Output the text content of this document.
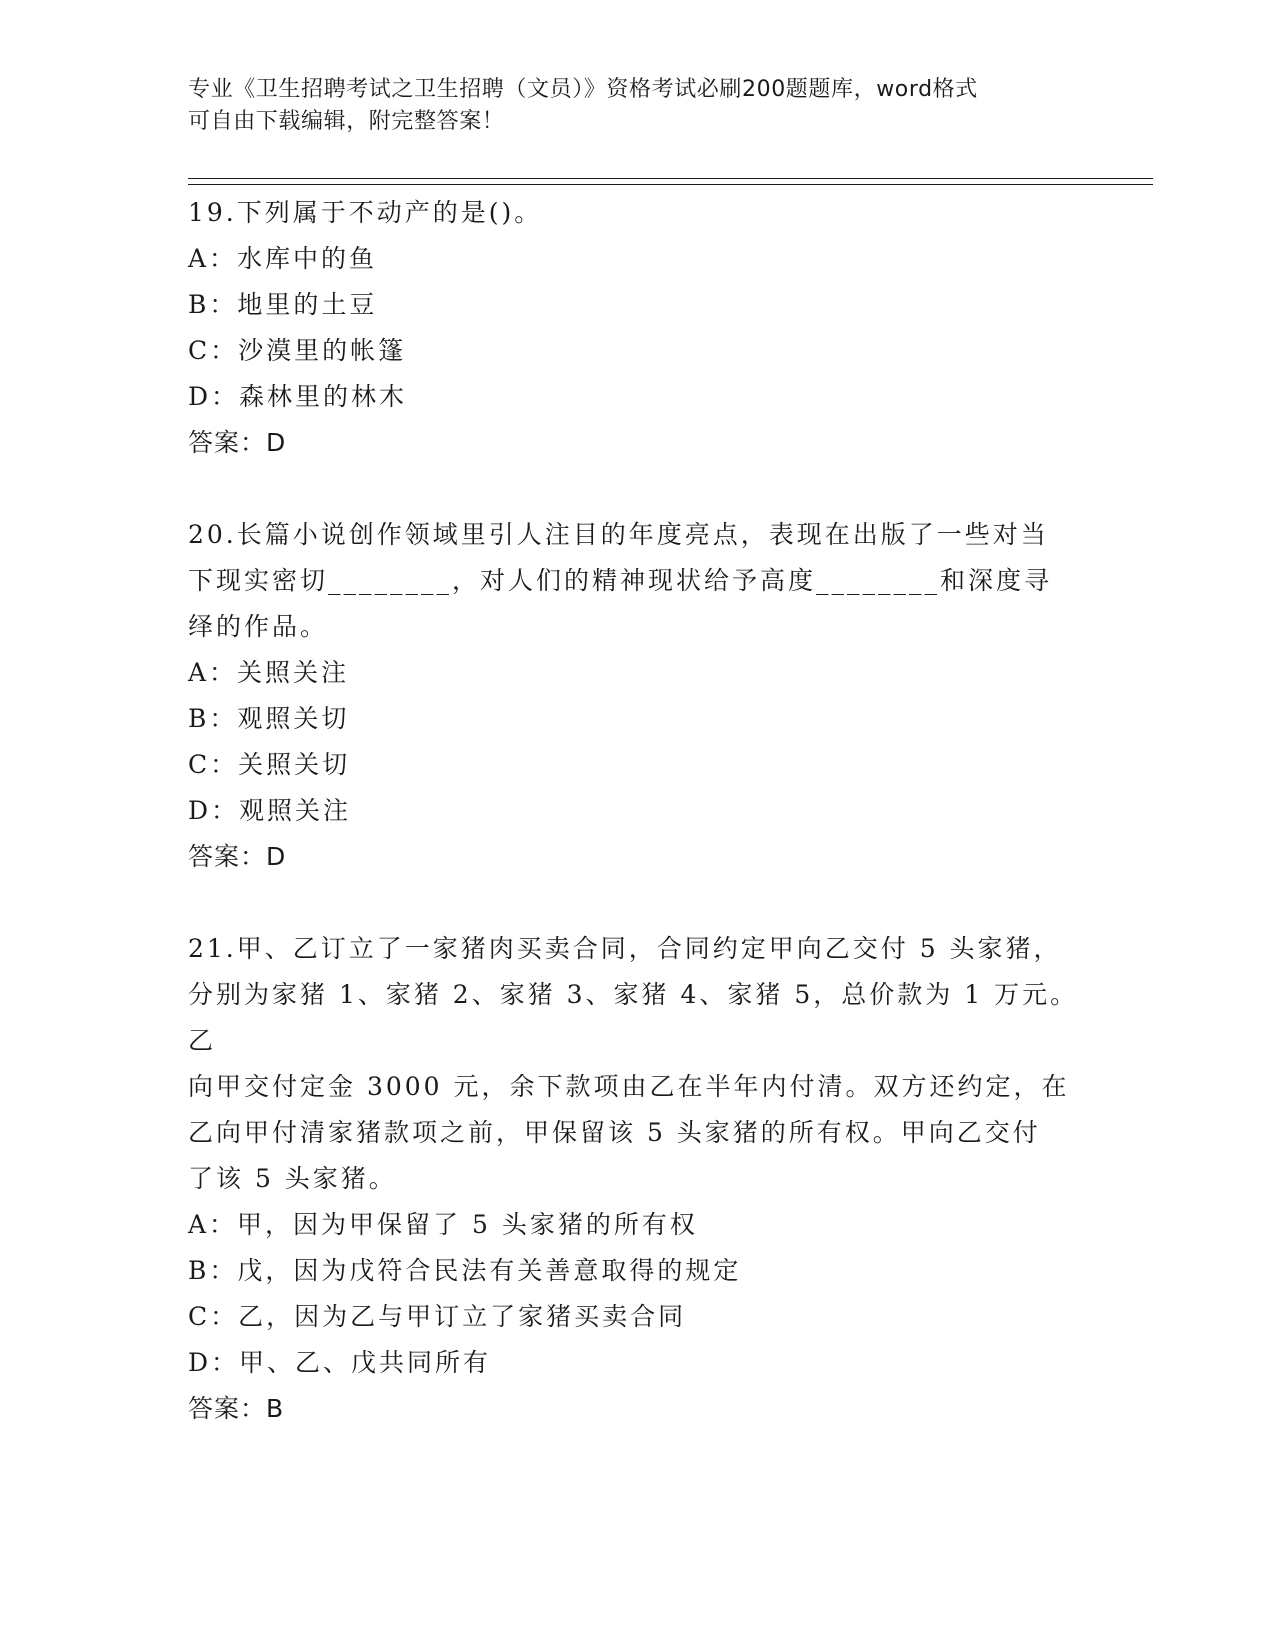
专业《卫生招聘考试之卫生招聘（文员）》资格考试必刷200题题库，word格式
可自由下载编辑，附完整答案！

19.下列属于不动产的是()。

A：水库中的鱼

B：地里的土豆

C：沙漠里的帐篷

D：森林里的林木

答案：D

20.长篇小说创作领域里引人注目的年度亮点，表现在出版了一些对当

下现实密切________，对人们的精神现状给予高度________和深度寻

绎的作品。

A：关照关注

B：观照关切

C：关照关切

D：观照关注

答案：D

21.甲、乙订立了一家猪肉买卖合同，合同约定甲向乙交付 5 头家猪，

分别为家猪 1、家猪 2、家猪 3、家猪 4、家猪 5，总价款为 1 万元。乙

向甲交付定金 3000 元，余下款项由乙在半年内付清。双方还约定，在

乙向甲付清家猪款项之前，甲保留该 5 头家猪的所有权。甲向乙交付

了该 5 头家猪。

A：甲，因为甲保留了 5 头家猪的所有权

B：戊，因为戊符合民法有关善意取得的规定

C：乙，因为乙与甲订立了家猪买卖合同

D：甲、乙、戊共同所有

答案：B
